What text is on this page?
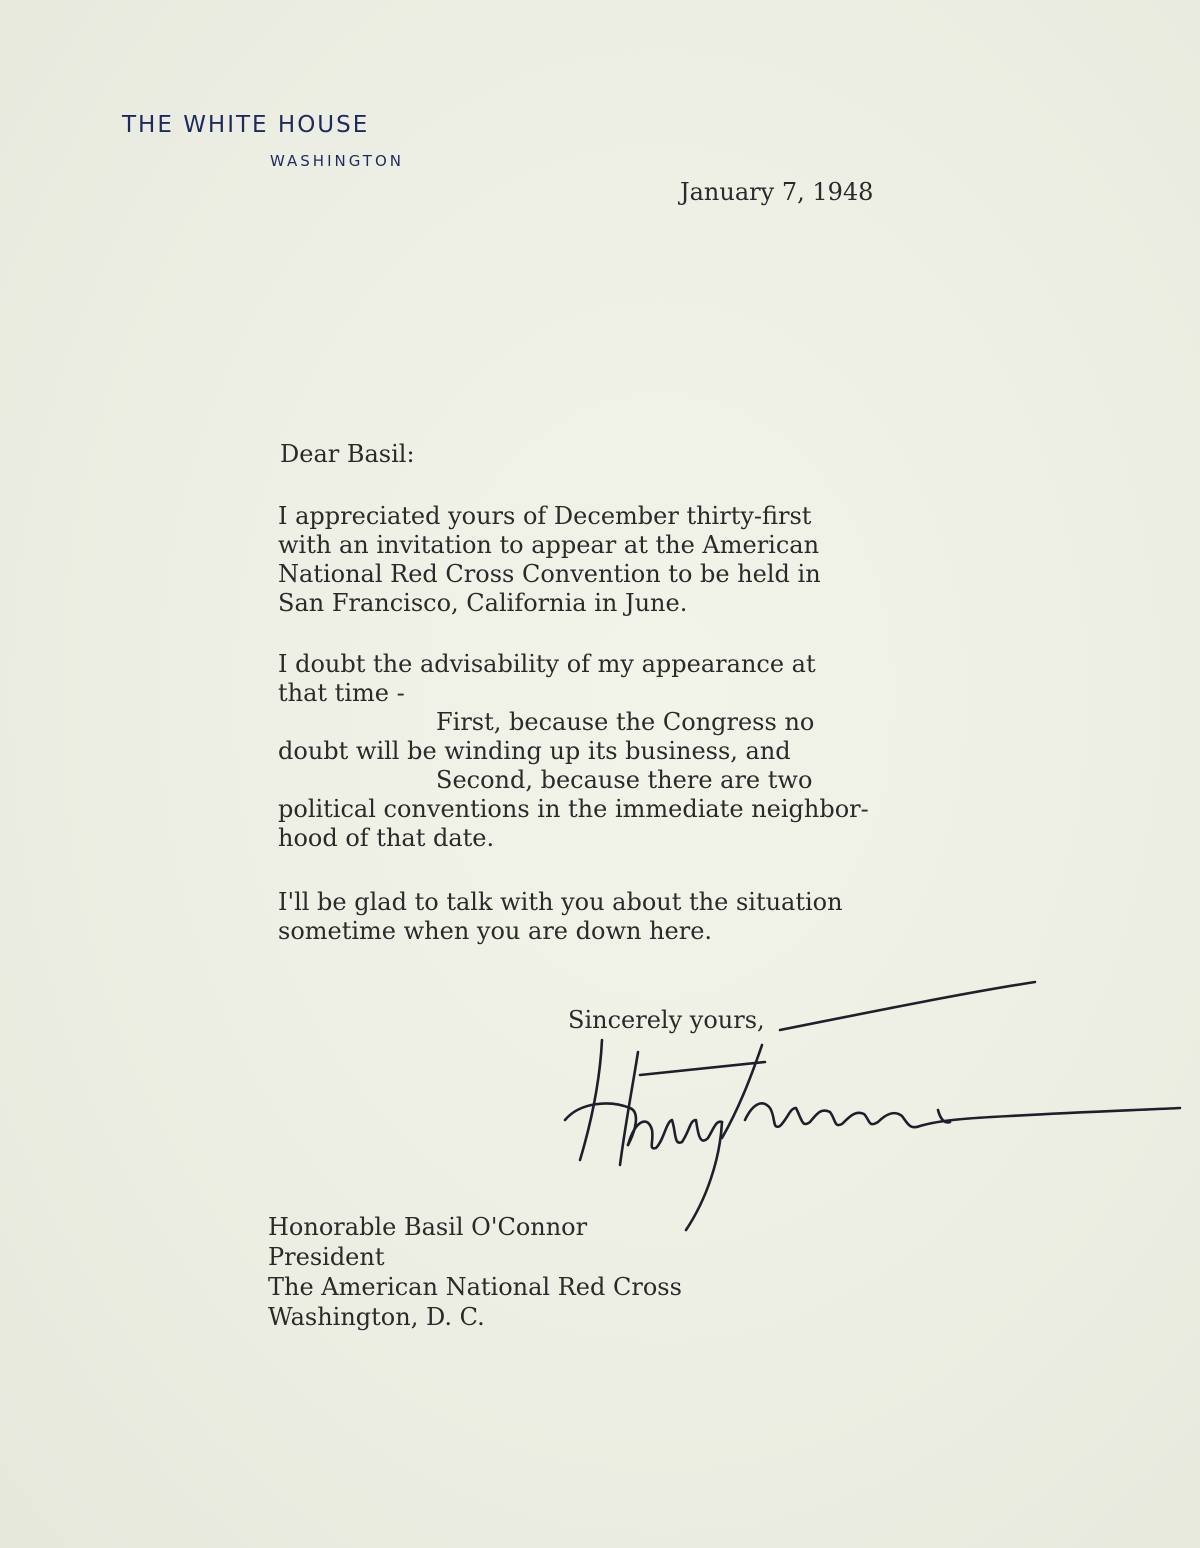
THE WHITE HOUSE
WASHINGTON

January 7, 1948

Dear Basil:

I appreciated yours of December thirty-first
with an invitation to appear at the American
National Red Cross Convention to be held in
San Francisco, California in June.

I doubt the advisability of my appearance at
that time -
First, because the Congress no
doubt will be winding up its business, and
Second, because there are two
political conventions in the immediate neighbor-
hood of that date.

I'll be glad to talk with you about the situation
sometime when you are down here.

Sincerely yours,

Honorable Basil O'Connor
President
The American National Red Cross
Washington, D. C.
